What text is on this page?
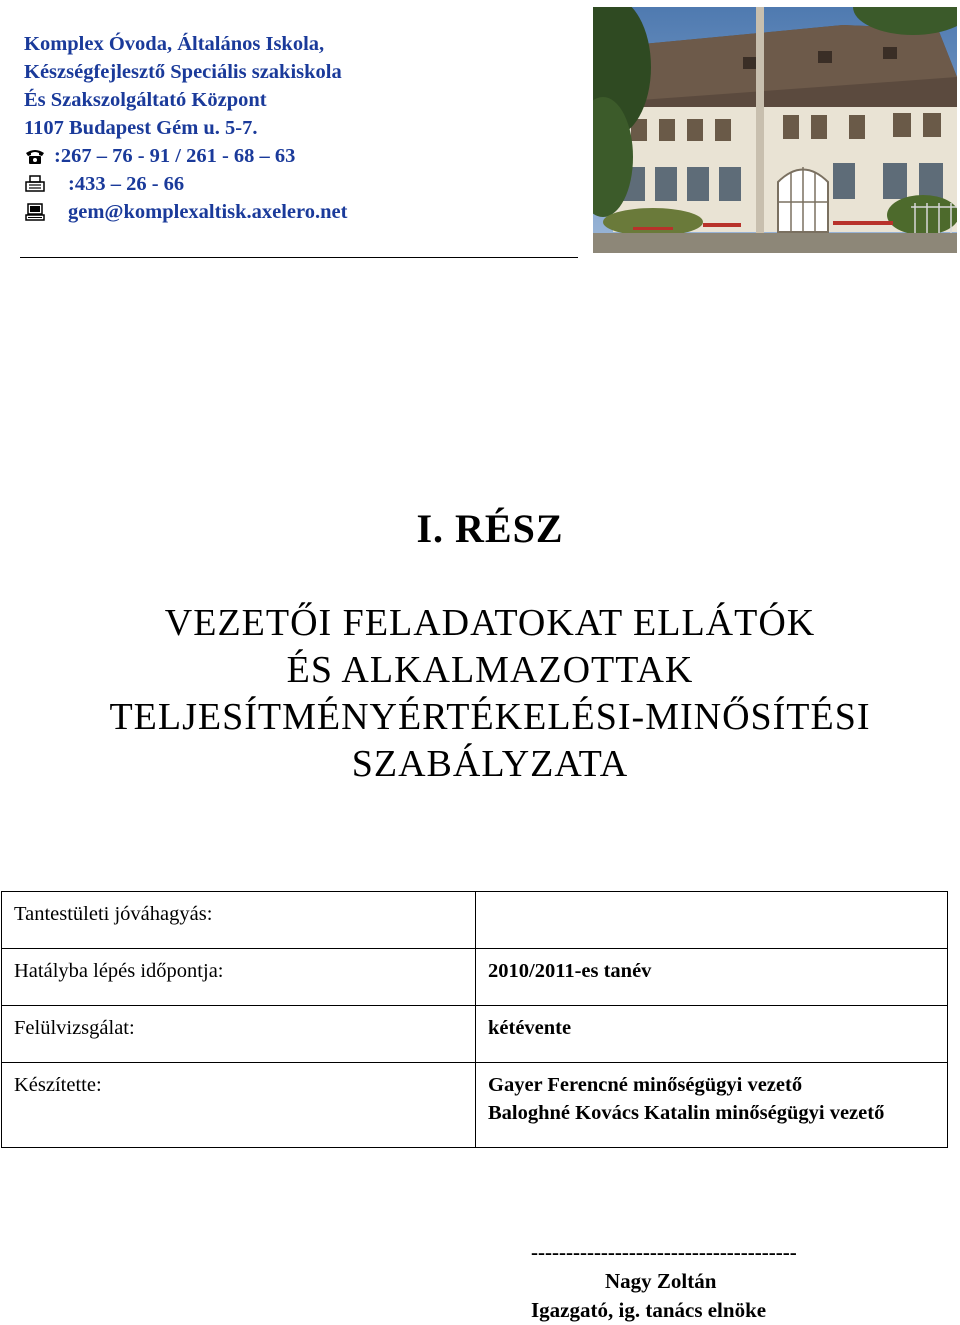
Komplex Óvoda, Általános Iskola,
Készségfejlesztő Speciális szakiskola
És Szakszolgáltató Központ
1107 Budapest Gém u. 5-7.
:267 – 76 - 91 / 261 - 68 – 63
:433 – 26 - 66
gem@komplexaltisk.axelero.net
I. RÉSZ
VEZETŐI FELADATOKAT ELLÁTÓK
ÉS ALKALMAZOTTAK
TELJESÍTMÉNYÉRTÉKELÉSI-MINŐSÍTÉSI
SZABÁLYZATA
Tantestületi jóváhagyás:	
Hatályba lépés időpontja:	2010/2011-es tanév
Felülvizsgálat:	kétévente
Készítette:	Gayer Ferencné minőségügyi vezető
Baloghné Kovács Katalin minőségügyi vezető
--------------------------------------
Nagy Zoltán
Igazgató, ig. tanács elnöke
